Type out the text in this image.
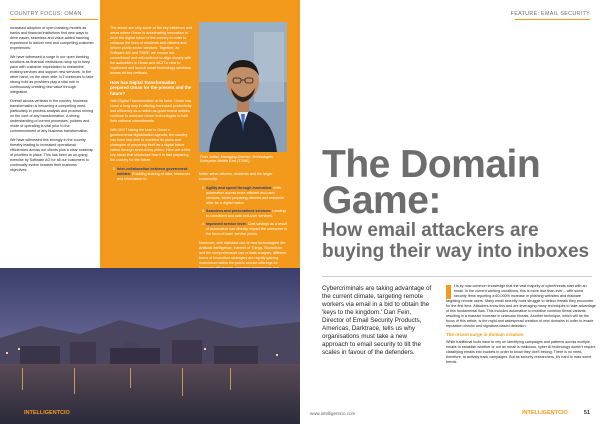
COUNTRY FOCUS: OMAN

increased adoption of open banking models as banks and financial institutions find new ways to drive easier, seamless and value-added banking experience to deliver new and compelling customer experiences.

We have witnessed a surge in our open banking solutions as financial institutions ramp up to keep pace with customer expectation to streamline existing services and support new services. In the other hand, on the other side, IoT continues to take strong hold as providers play a vital role in continuously creating new value through integration.

Overall across verticals in the country, business transformation is becoming a compelling need, particularly in process analysis and process mining on the core of any transformation. A strong understanding of current processes, policies and mode of operating is vital prior to the commencement of any business transformation.

We have witnessed this strongly in the country thereby leading to increased operational efficiencies across our clients plus a clear roadmap of priorities in place. This has been an on-going exercise by Software AG for all our customers to continually evolve towards their business objectives.

The above are only some of the key initiatives and areas where Oman is accelerating innovation to drive the digital future of the country in order to enhance the lives of residents and citizens and deliver public sector services. Together, as Software AG and TSME, we ensure our commitment and will continue to align closely with the authorities in Oman and MCIT's view to implement and launch smart technology solutions across all key verticals.

How has Digital Transformation prepared Oman for the present and the future?

With Digital Transformation at its helm, Oman has come a long way in offering increased productivity and efficiency as a nation as government entities continue to embrace newer technologies to fulfil their national commitments.

With MCIT taking the lead in Oman's governmental digitalisation agenda, the country has been fast able to manifest its plans and strategies of preparing itself as a digital future nation through several key pillars. Here are a few key areas that showcase how it is fast preparing the country for the future.

1. Inter-collaboration between government entities: Enabling sharing of data, resources and information to
Firas Jaffari, Managing Director, Technologies Enterprise Middle East (TSME)
better serve citizens, residents and the larger community.
2. Agility and speed through innovation: With automation across more efficient end-user services, better preparing citizens and residents alike for a digital nation.
3. Seamless and personalised services: Leading to consistent and safe end-user services.
4. Improved service level: Cost savings as a result of automation can directly impact the consumer in the form of lower service prices.

Moreover, with standard use of new technologies like Artificial Intelligence, Internet of Things, Blockchain and the comprehensive use of data analysis, different forms of innovation strategies are rapidly gaining momentum within the public service offerings for

50 INTELLIGENTCIO
FEATURE: EMAIL SECURITY
The Domain Game:
How email attackers are buying their way into inboxes
Cybercriminals are taking advantage of the current climate, targeting remote workers via email in a bid to obtain the 'keys to the kingdom.' Dan Fein, Director of Email Security Products, Americas, Darktrace, tells us why organisations must take a new approach to email security to tilt the scales in favour of the defenders.

t is by now common knowledge that the vast majority of cyberthreats start with an email. In the current working conditions, this is more true than ever – with some security firms reporting a 60,000% increase in phishing websites and malware targeting remote users. Many email security tools struggle to detect threats they encounter for the first time. Attackers know this and are leveraging many techniques to take advantage of this fundamental flaw. This includes automation to mobilise common threat variants, resulting in a massive increase in unknown threats. Another technique, which will be the focus of this article, is the rapid and widespread creation of new domains in order to evade reputation checks and signature-based detection.

The recent surge in domain creation

While traditional tools have to rely on identifying campaigns and patterns across multiple emails to establish whether or not an email is malicious, cyber AI technology doesn't require classifying emails into buckets in order to know they don't belong. There is no need, therefore, to actively track campaigns. But as security researchers, it's hard to miss some trends.

www.intelligentcio.com	INTELLIGENTCIO	51
